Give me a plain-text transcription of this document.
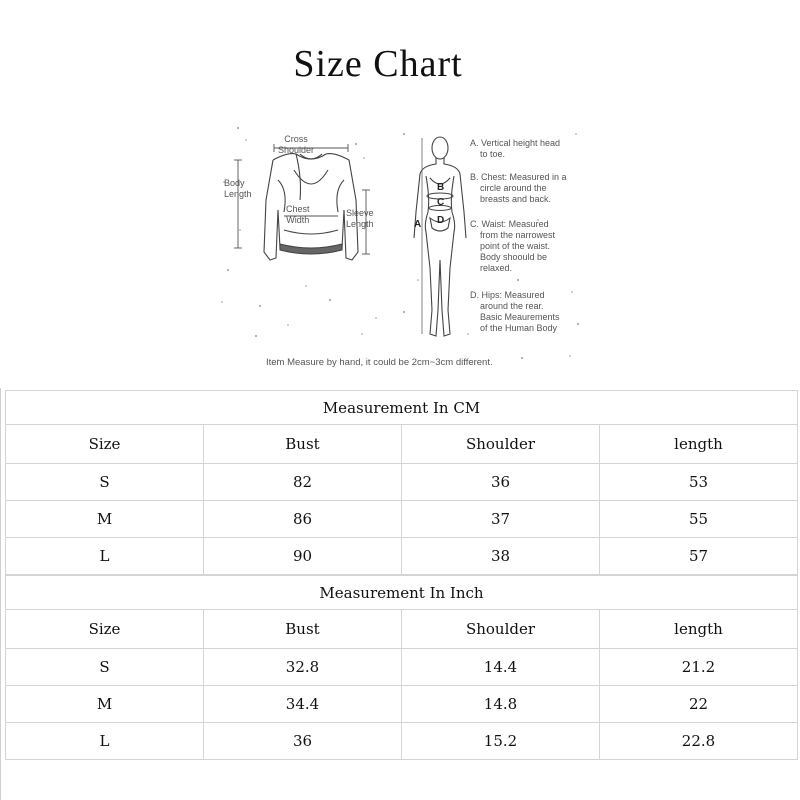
Size Chart
Cross
Shoulder
Body
Length
Chest
Width
Sleeve
Length	A
B
C
D
A. Vertical height head
to toe.
B. Chest: Measured in a
circle around the
breasts and back.
C. Waist: Measured
from the narrowest
point of the waist.
Body shoould be
relaxed.
D. Hips: Measured
around the rear.
Basic Meaurements
of the Human Body
Item Measure by hand, it could be 2cm~3cm different.
Measurement In CM			
Size	Bust	Shoulder	length
S	82	36	53
M	86	37	55
L	90	38	57
Measurement In Inch			
Size	Bust	Shoulder	length
S	32.8	14.4	21.2
M	34.4	14.8	22
L	36	15.2	22.8
